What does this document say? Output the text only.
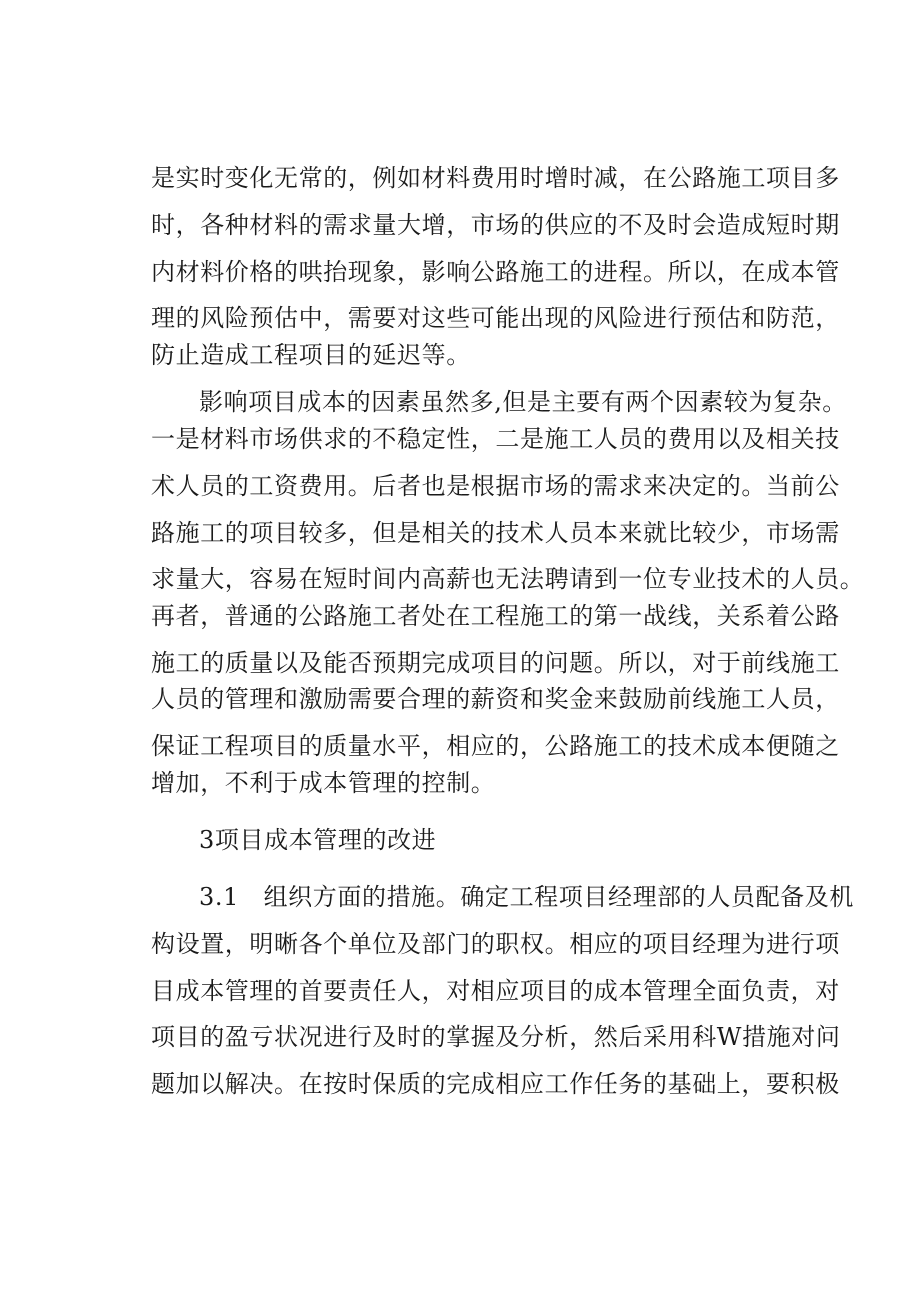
是实时变化无常的，例如材料费用时增时减，在公路施工项目多
时，各种材料的需求量大增，市场的供应的不及时会造成短时期
内材料价格的哄抬现象，影响公路施工的进程。所以，在成本管
理的风险预估中，需要对这些可能出现的风险进行预估和防范，
防止造成工程项目的延迟等。
影响项目成本的因素虽然多,但是主要有两个因素较为复杂。
一是材料市场供求的不稳定性，二是施工人员的费用以及相关技
术人员的工资费用。后者也是根据市场的需求来决定的。当前公
路施工的项目较多，但是相关的技术人员本来就比较少，市场需
求量大，容易在短时间内高薪也无法聘请到一位专业技术的人员。
再者，普通的公路施工者处在工程施工的第一战线，关系着公路
施工的质量以及能否预期完成项目的问题。所以，对于前线施工
人员的管理和激励需要合理的薪资和奖金来鼓励前线施工人员，
保证工程项目的质量水平，相应的，公路施工的技术成本便随之
增加，不利于成本管理的控制。
3项目成本管理的改进
3.1　组织方面的措施。确定工程项目经理部的人员配备及机
构设置，明晰各个单位及部门的职权。相应的项目经理为进行项
目成本管理的首要责任人，对相应项目的成本管理全面负责，对
项目的盈亏状况进行及时的掌握及分析，然后采用科W措施对问
题加以解决。在按时保质的完成相应工作任务的基础上，要积极
